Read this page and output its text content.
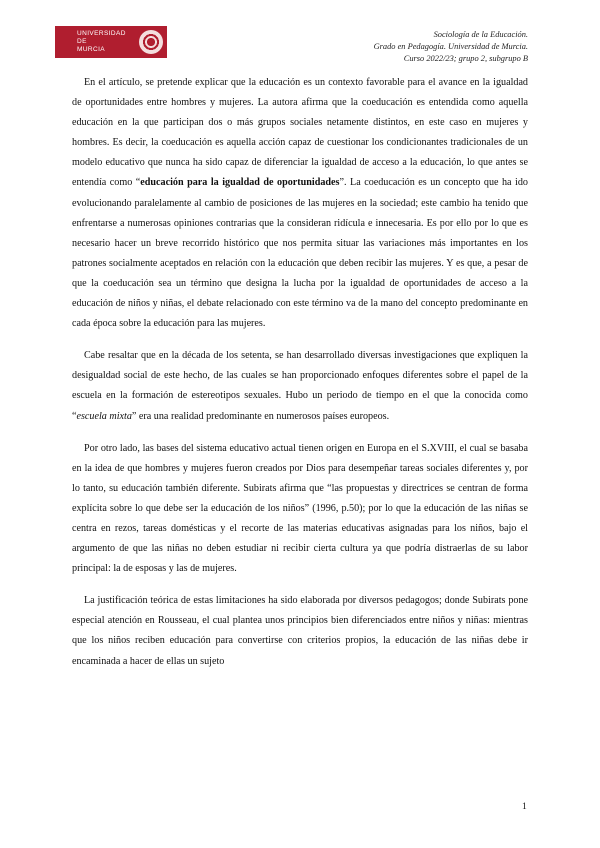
UNIVERSIDAD DE
MURCIA
Sociología de la Educación.
Grado en Pedagogía. Universidad de Murcia.
Curso 2022/23; grupo 2, subgrupo B

En el artículo, se pretende explicar que la educación es un contexto favorable para el avance en la igualdad de oportunidades entre hombres y mujeres. La autora afirma que la coeducación es entendida como aquella educación en la que participan dos o más grupos sociales netamente distintos, en este caso en mujeres y hombres. Es decir, la coeducación es aquella acción capaz de cuestionar los condicionantes tradicionales de un modelo educativo que nunca ha sido capaz de diferenciar la igualdad de acceso a la educación, lo que antes se entendía como “educación para la igualdad de oportunidades”. La coeducación es un concepto que ha ido evolucionando paralelamente al cambio de posiciones de las mujeres en la sociedad; este cambio ha tenido que enfrentarse a numerosas opiniones contrarias que la consideran ridícula e innecesaria. Es por ello por lo que es necesario hacer un breve recorrido histórico que nos permita situar las variaciones más importantes en los patrones socialmente aceptados en relación con la educación que deben recibir las mujeres. Y es que, a pesar de que la coeducación sea un término que designa la lucha por la igualdad de oportunidades de acceso a la educación de niños y niñas, el debate relacionado con este término va de la mano del concepto predominante en cada época sobre la educación para las mujeres.

Cabe resaltar que en la década de los setenta, se han desarrollado diversas investigaciones que expliquen la desigualdad social de este hecho, de las cuales se han proporcionado enfoques diferentes sobre el papel de la escuela en la formación de estereotipos sexuales. Hubo un periodo de tiempo en el que la conocida como “escuela mixta” era una realidad predominante en numerosos países europeos.

Por otro lado, las bases del sistema educativo actual tienen origen en Europa en el S.XVIII, el cual se basaba en la idea de que hombres y mujeres fueron creados por Dios para desempeñar tareas sociales diferentes y, por lo tanto, su educación también diferente. Subirats afirma que “las propuestas y directrices se centran de forma explícita sobre lo que debe ser la educación de los niños” (1996, p.50); por lo que la educación de las niñas se centra en rezos, tareas domésticas y el recorte de las materias educativas asignadas para los niños, bajo el argumento de que las niñas no deben estudiar ni recibir cierta cultura ya que podría distraerlas de su labor principal: la de esposas y las de mujeres.

La justificación teórica de estas limitaciones ha sido elaborada por diversos pedagogos; donde Subirats pone especial atención en Rousseau, el cual plantea unos principios bien diferenciados entre niños y niñas: mientras que los niños reciben educación para convertirse con criterios propios, la educación de las niñas debe ir encaminada a hacer de ellas un sujeto

1
